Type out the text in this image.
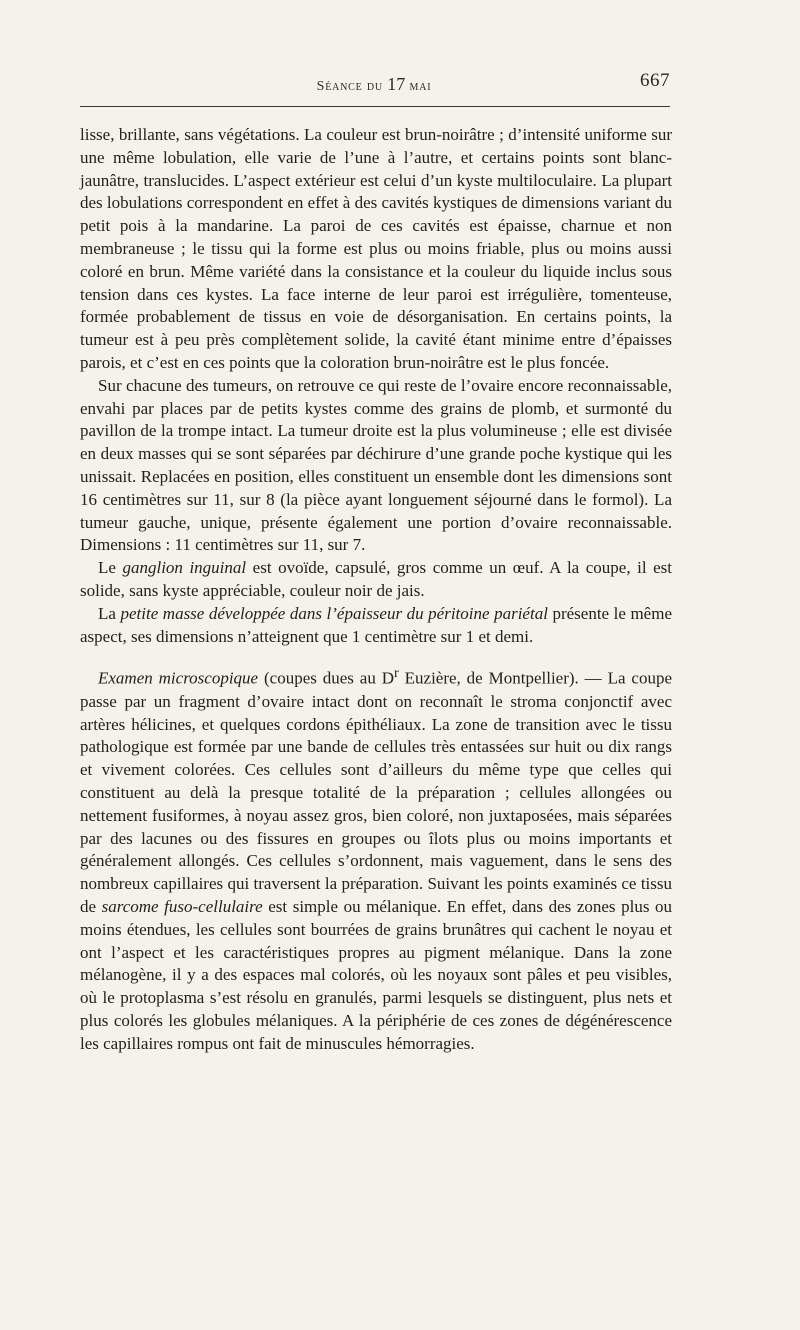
Séance du 17 mai	667

lisse, brillante, sans végétations. La couleur est brun-noirâtre ; d’intensité uniforme sur une même lobulation, elle varie de l’une à l’autre, et certains points sont blanc-jaunâtre, translucides. L’aspect extérieur est celui d’un kyste multiloculaire. La plupart des lobulations correspondent en effet à des cavités kystiques de dimensions variant du petit pois à la mandarine. La paroi de ces cavités est épaisse, charnue et non membraneuse ; le tissu qui la forme est plus ou moins friable, plus ou moins aussi coloré en brun. Même variété dans la consistance et la couleur du liquide inclus sous tension dans ces kystes. La face interne de leur paroi est irrégulière, tomenteuse, formée probablement de tissus en voie de désorganisation. En certains points, la tumeur est à peu près complètement solide, la cavité étant minime entre d’épaisses parois, et c’est en ces points que la coloration brun-noirâtre est le plus foncée.

Sur chacune des tumeurs, on retrouve ce qui reste de l’ovaire encore reconnaissable, envahi par places par de petits kystes comme des grains de plomb, et surmonté du pavillon de la trompe intact. La tumeur droite est la plus volumineuse ; elle est divisée en deux masses qui se sont séparées par déchirure d’une grande poche kystique qui les unissait. Replacées en position, elles constituent un ensemble dont les dimensions sont 16 centimètres sur 11, sur 8 (la pièce ayant longuement séjourné dans le formol). La tumeur gauche, unique, présente également une portion d’ovaire reconnaissable. Dimensions : 11 centimètres sur 11, sur 7.

Le ganglion inguinal est ovoïde, capsulé, gros comme un œuf. A la coupe, il est solide, sans kyste appréciable, couleur noir de jais.

La petite masse développée dans l’épaisseur du péritoine pariétal présente le même aspect, ses dimensions n’atteignent que 1 centimètre sur 1 et demi.

Examen microscopique (coupes dues au $D^r$ Euzière, de Montpellier). — La coupe passe par un fragment d’ovaire intact dont on reconnaît le stroma conjonctif avec artères hélicines, et quelques cordons épithéliaux. La zone de transition avec le tissu pathologique est formée par une bande de cellules très entassées sur huit ou dix rangs et vivement colorées. Ces cellules sont d’ailleurs du même type que celles qui constituent au delà la presque totalité de la préparation ; cellules allongées ou nettement fusiformes, à noyau assez gros, bien coloré, non juxtaposées, mais séparées par des lacunes ou des fissures en groupes ou îlots plus ou moins importants et généralement allongés. Ces cellules s’ordonnent, mais vaguement, dans le sens des nombreux capillaires qui traversent la préparation. Suivant les points examinés ce tissu de sarcome fuso-cellulaire est simple ou mélanique. En effet, dans des zones plus ou moins étendues, les cellules sont bourrées de grains brunâtres qui cachent le noyau et ont l’aspect et les caractéristiques propres au pigment mélanique. Dans la zone mélanogène, il y a des espaces mal colorés, où les noyaux sont pâles et peu visibles, où le protoplasma s’est résolu en granulés, parmi lesquels se distinguent, plus nets et plus colorés les globules mélaniques. A la périphérie de ces zones de dégénérescence les capillaires rompus ont fait de minuscules hémorragies.
